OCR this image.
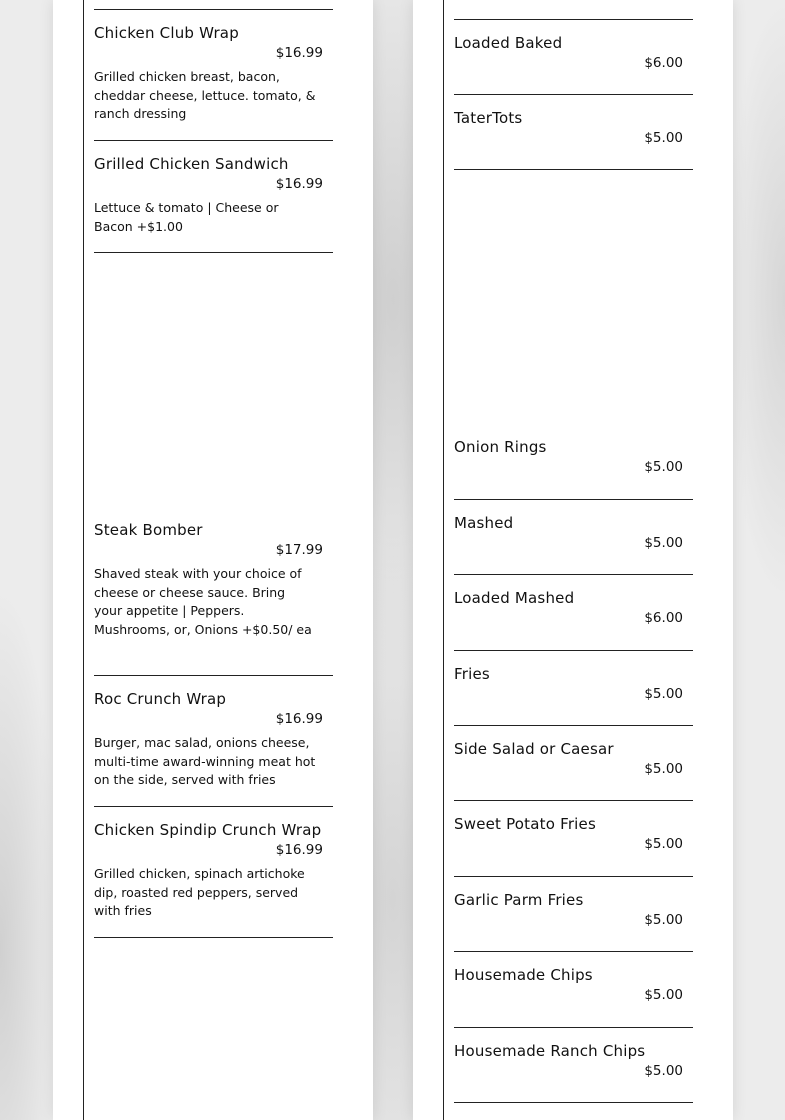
Chicken Club Wrap
$16.99
Grilled chicken breast, bacon, cheddar cheese, lettuce. tomato, & ranch dressing
Grilled Chicken Sandwich
$16.99
Lettuce & tomato | Cheese or Bacon +$1.00
Steak Bomber
$17.99
Shaved steak with your choice of cheese or cheese sauce. Bring your appetite | Peppers. Mushrooms, or, Onions +$0.50/ ea
Roc Crunch Wrap
$16.99
Burger, mac salad, onions cheese, multi-time award-winning meat hot on the side, served with fries
Chicken Spindip Crunch Wrap
$16.99
Grilled chicken, spinach artichoke dip, roasted red peppers, served with fries
Loaded Baked
$6.00
TaterTots
$5.00
Onion Rings
$5.00
Mashed
$5.00
Loaded Mashed
$6.00
Fries
$5.00
Side Salad or Caesar
$5.00
Sweet Potato Fries
$5.00
Garlic Parm Fries
$5.00
Housemade Chips
$5.00
Housemade Ranch Chips
$5.00
